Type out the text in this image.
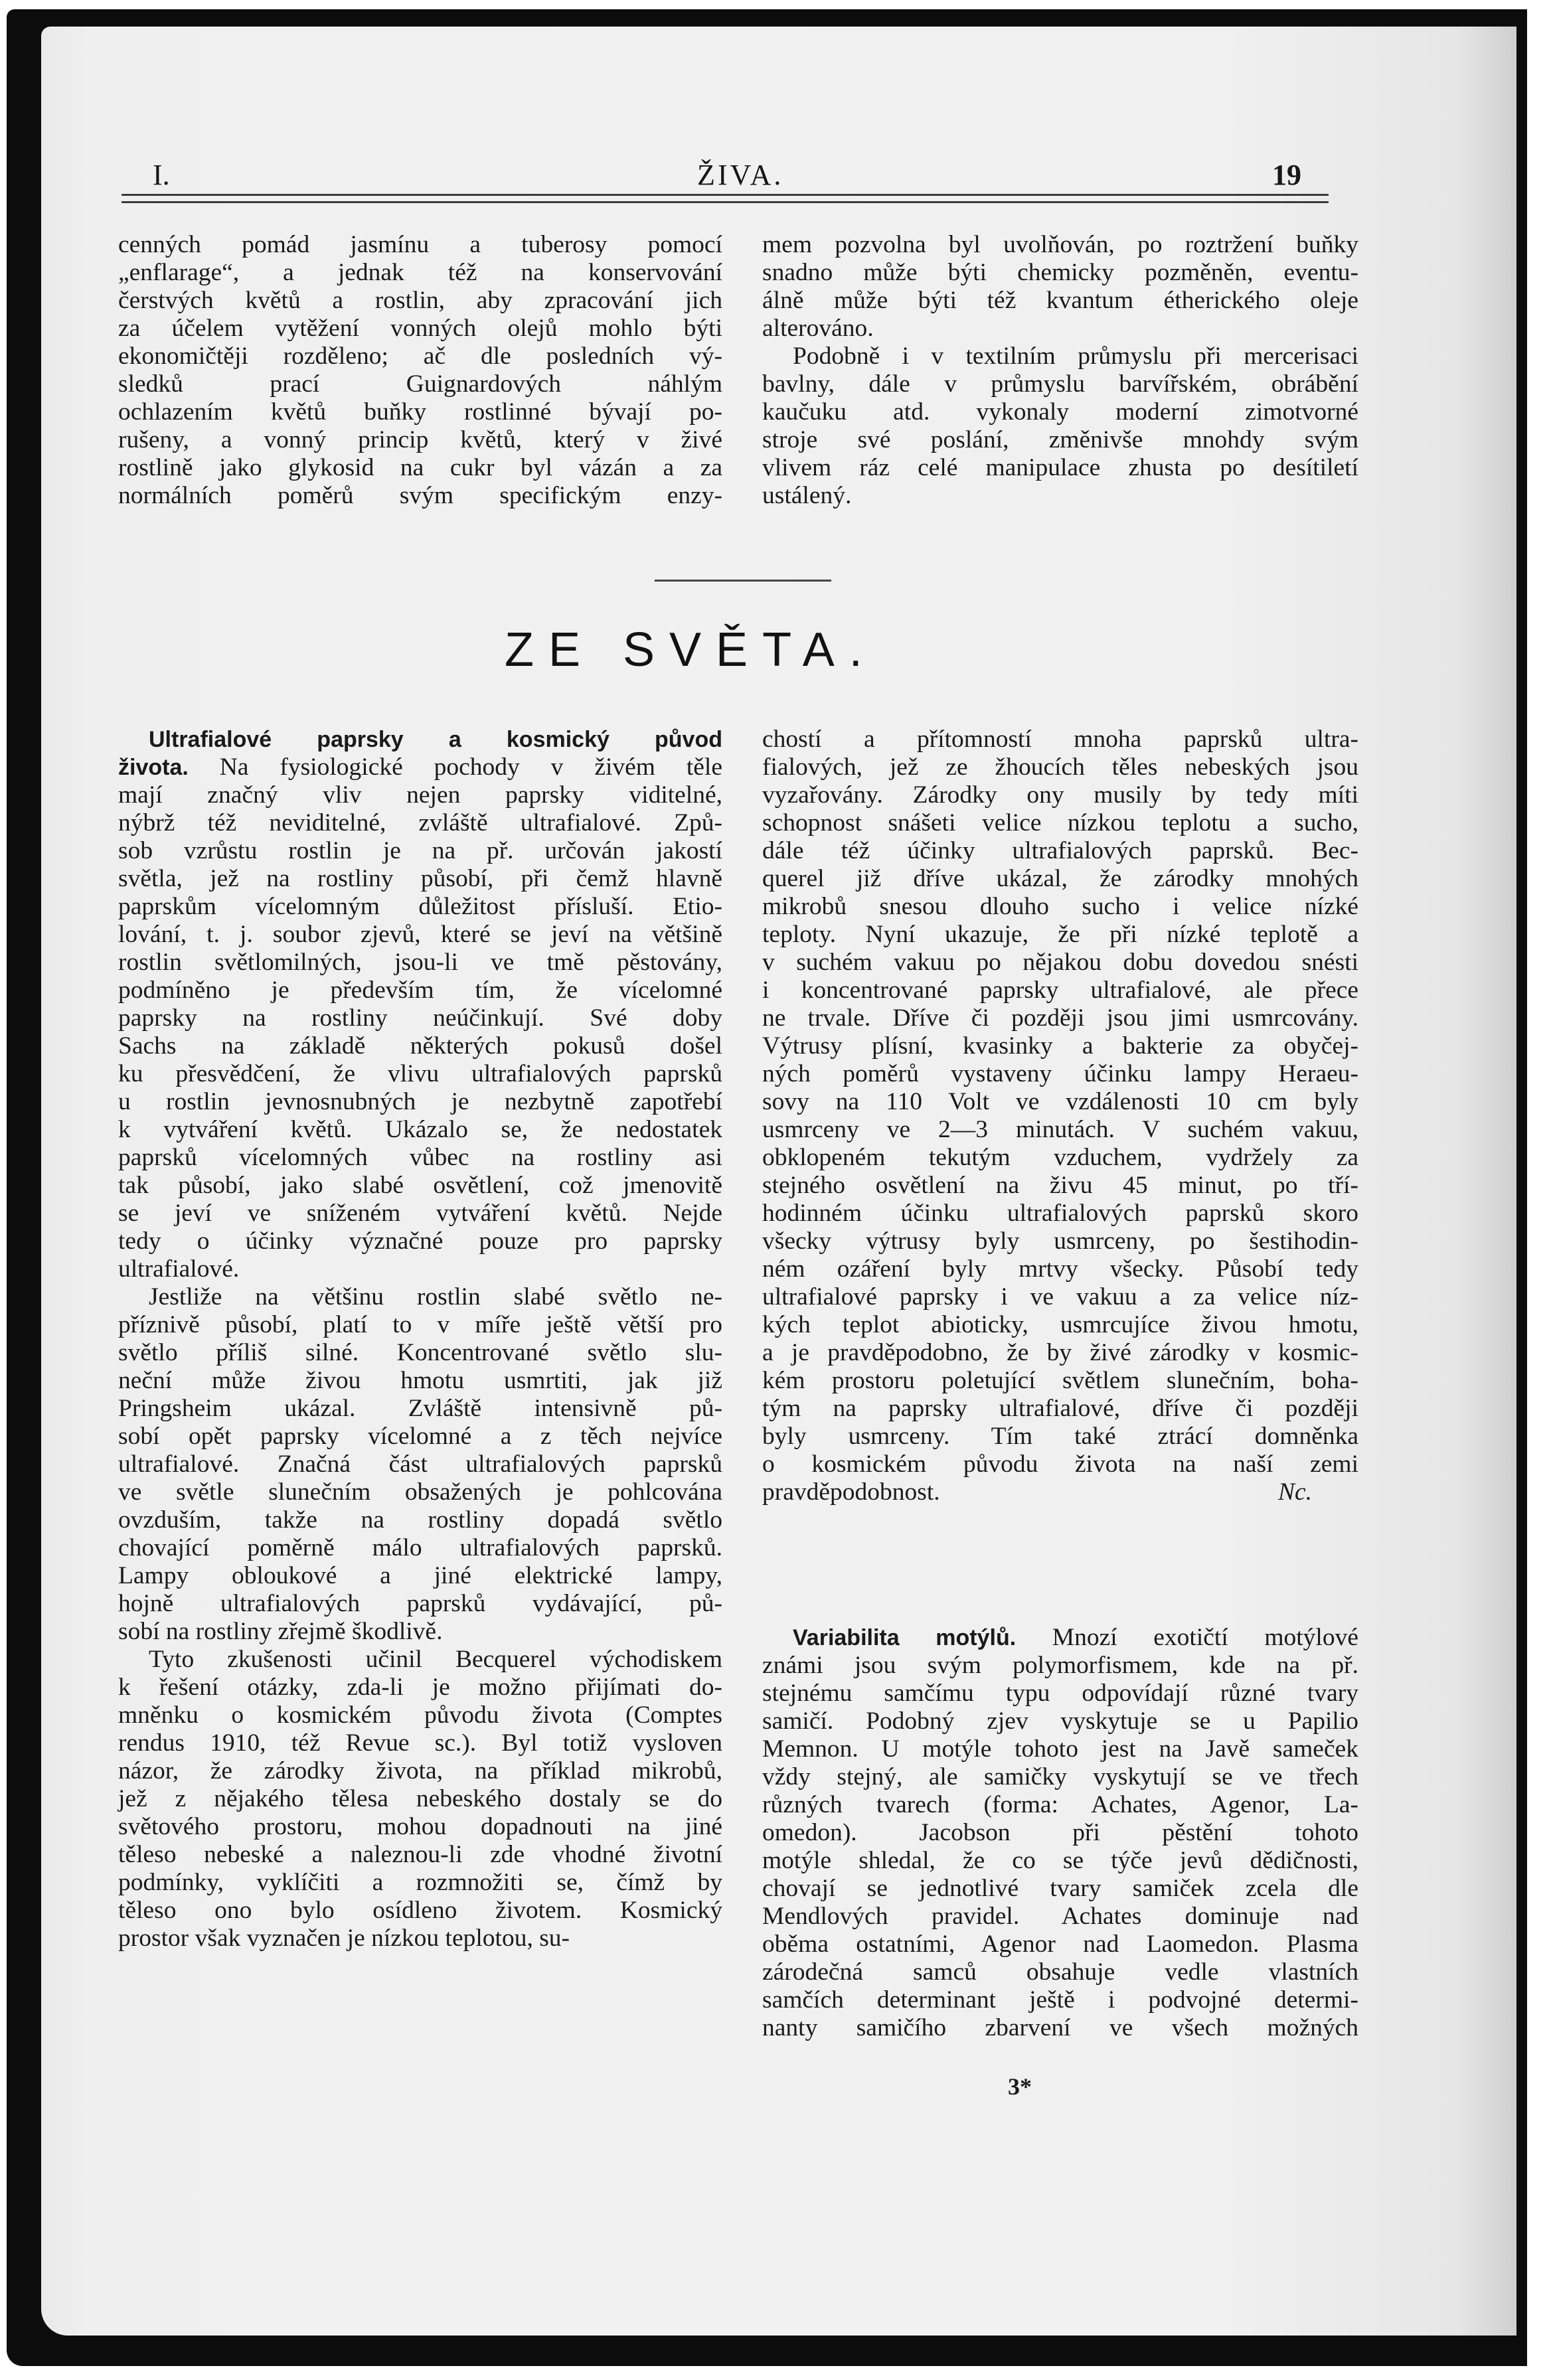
I.	ŽIVA.	19
cenných pomád jasmínu a tuberosy pomocí
„enflarage“, a jednak též na konservování
čerstvých květů a rostlin, aby zpracování jich
za účelem vytěžení vonných olejů mohlo býti
ekonomičtěji rozděleno; ač dle posledních vý-
sledků prací Guignardových náhlým
ochlazením květů buňky rostlinné bývají po-
rušeny, a vonný princip květů, který v živé
rostlině jako glykosid na cukr byl vázán a za
normálních poměrů svým specifickým enzy-
mem pozvolna byl uvolňován, po roztržení buňky
snadno může býti chemicky pozměněn, eventu-
álně může býti též kvantum étherického oleje
alterováno.
Podobně i v textilním průmyslu při mercerisaci
bavlny, dále v průmyslu barvířském, obrábění
kaučuku atd. vykonaly moderní zimotvorné
stroje své poslání, změnivše mnohdy svým
vlivem ráz celé manipulace zhusta po desítiletí
ustálený.
ZE SVĚTA.
Ultrafialové paprsky a kosmický původ
života. Na fysiologické pochody v živém těle
mají značný vliv nejen paprsky viditelné,
nýbrž též neviditelné, zvláště ultrafialové. Způ-
sob vzrůstu rostlin je na př. určován jakostí
světla, jež na rostliny působí, při čemž hlavně
paprskům vícelomným důležitost přísluší. Etio-
lování, t. j. soubor zjevů, které se jeví na většině
rostlin světlomilných, jsou-li ve tmě pěstovány,
podmíněno je především tím, že vícelomné
paprsky na rostliny neúčinkují. Své doby
Sachs na základě některých pokusů došel
ku přesvědčení, že vlivu ultrafialových paprsků
u rostlin jevnosnubných je nezbytně zapotřebí
k vytváření květů. Ukázalo se, že nedostatek
paprsků vícelomných vůbec na rostliny asi
tak působí, jako slabé osvětlení, což jmenovitě
se jeví ve sníženém vytváření květů. Nejde
tedy o účinky význačné pouze pro paprsky
ultrafialové.
Jestliže na většinu rostlin slabé světlo ne-
příznivě působí, platí to v míře ještě větší pro
světlo příliš silné. Koncentrované světlo slu-
neční může živou hmotu usmrtiti, jak již
Pringsheim ukázal. Zvláště intensivně pů-
sobí opět paprsky vícelomné a z těch nejvíce
ultrafialové. Značná část ultrafialových paprsků
ve světle slunečním obsažených je pohlcována
ovzduším, takže na rostliny dopadá světlo
chovající poměrně málo ultrafialových paprsků.
Lampy obloukové a jiné elektrické lampy,
hojně ultrafialových paprsků vydávající, pů-
sobí na rostliny zřejmě škodlivě.
Tyto zkušenosti učinil Becquerel východiskem
k řešení otázky, zda-li je možno přijímati do-
mněnku o kosmickém původu života (Comptes
rendus 1910, též Revue sc.). Byl totiž vysloven
názor, že zárodky života, na příklad mikrobů,
jež z nějakého tělesa nebeského dostaly se do
světového prostoru, mohou dopadnouti na jiné
těleso nebeské a naleznou-li zde vhodné životní
podmínky, vyklíčiti a rozmnožiti se, čímž by
těleso ono bylo osídleno životem. Kosmický
prostor však vyznačen je nízkou teplotou, su-
chostí a přítomností mnoha paprsků ultra-
fialových, jež ze žhoucích těles nebeských jsou
vyzařovány. Zárodky ony musily by tedy míti
schopnost snášeti velice nízkou teplotu a sucho,
dále též účinky ultrafialových paprsků. Bec-
querel již dříve ukázal, že zárodky mnohých
mikrobů snesou dlouho sucho i velice nízké
teploty. Nyní ukazuje, že při nízké teplotě a
v suchém vakuu po nějakou dobu dovedou snésti
i koncentrované paprsky ultrafialové, ale přece
ne trvale. Dříve či později jsou jimi usmrcovány.
Výtrusy plísní, kvasinky a bakterie za obyčej-
ných poměrů vystaveny účinku lampy Heraeu-
sovy na 110 Volt ve vzdálenosti 10 cm byly
usmrceny ve 2—3 minutách. V suchém vakuu,
obklopeném tekutým vzduchem, vydržely za
stejného osvětlení na živu 45 minut, po tří-
hodinném účinku ultrafialových paprsků skoro
všecky výtrusy byly usmrceny, po šestihodin-
ném ozáření byly mrtvy všecky. Působí tedy
ultrafialové paprsky i ve vakuu a za velice níz-
kých teplot abioticky, usmrcujíce živou hmotu,
a je pravděpodobno, že by živé zárodky v kosmic-
kém prostoru poletující světlem slunečním, boha-
tým na paprsky ultrafialové, dříve či později
byly usmrceny. Tím také ztrácí domněnka
o kosmickém původu života na naší zemi
pravděpodobnost.	Nc.
Variabilita motýlů. Mnozí exotičtí motýlové
známi jsou svým polymorfismem, kde na př.
stejnému samčímu typu odpovídají různé tvary
samičí. Podobný zjev vyskytuje se u Papilio
Memnon. U motýle tohoto jest na Javě sameček
vždy stejný, ale samičky vyskytují se ve třech
různých tvarech (forma: Achates, Agenor, La-
omedon). Jacobson při pěstění tohoto
motýle shledal, že co se týče jevů dědičnosti,
chovají se jednotlivé tvary samiček zcela dle
Mendlových pravidel. Achates dominuje nad
oběma ostatními, Agenor nad Laomedon. Plasma
zárodečná samců obsahuje vedle vlastních
samčích determinant ještě i podvojné determi-
nanty samičího zbarvení ve všech možných
3*
